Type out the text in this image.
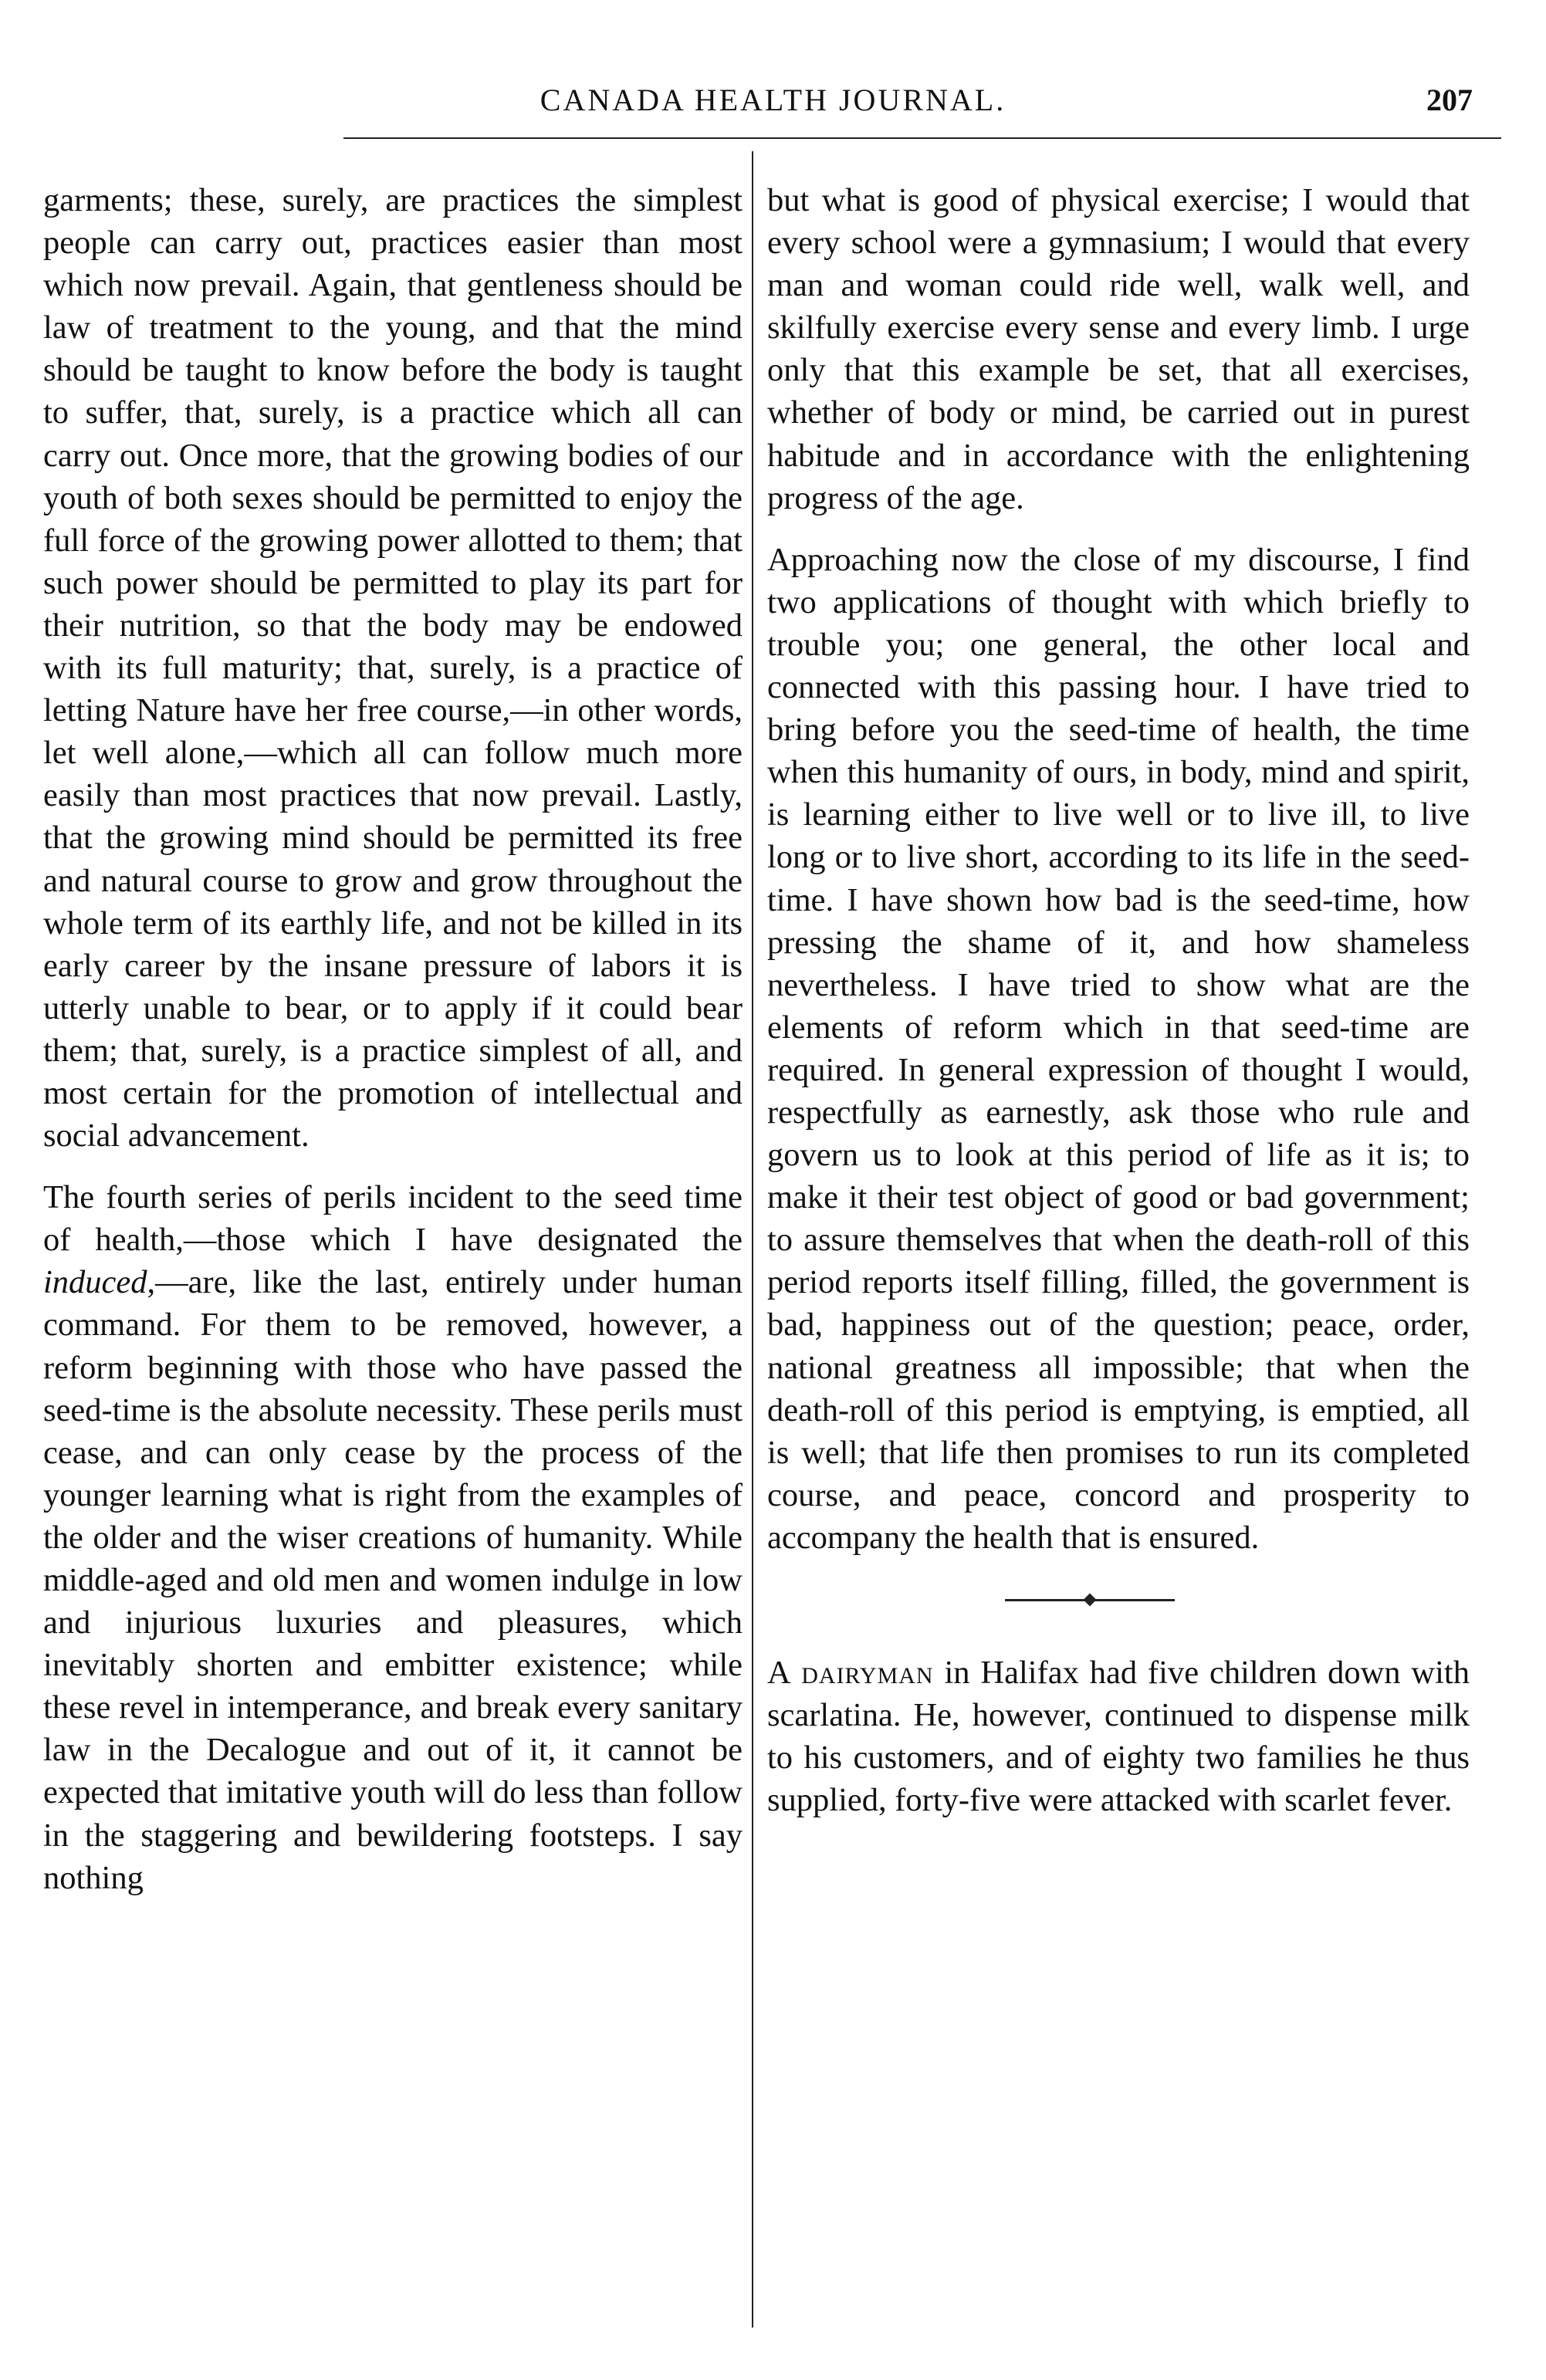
CANADA HEALTH JOURNAL.	207

garments; these, surely, are practices the simplest people can carry out, practices easier than most which now prevail. Again, that gentleness should be law of treatment to the young, and that the mind should be taught to know before the body is taught to suffer, that, surely, is a practice which all can carry out. Once more, that the growing bodies of our youth of both sexes should be permitted to enjoy the full force of the growing power allotted to them; that such power should be permitted to play its part for their nutrition, so that the body may be endowed with its full maturity; that, surely, is a practice of letting Nature have her free course,—in other words, let well alone,—which all can follow much more easily than most practices that now prevail. Lastly, that the growing mind should be permitted its free and natural course to grow and grow throughout the whole term of its earthly life, and not be killed in its early career by the insane pressure of labors it is utterly unable to bear, or to apply if it could bear them; that, surely, is a practice simplest of all, and most certain for the promotion of intellectual and social advancement.

The fourth series of perils incident to the seed time of health,—those which I have designated the induced,—are, like the last, entirely under human command. For them to be removed, however, a reform beginning with those who have passed the seed-time is the absolute necessity. These perils must cease, and can only cease by the process of the younger learning what is right from the examples of the older and the wiser creations of humanity. While middle-aged and old men and women indulge in low and injurious luxuries and pleasures, which inevitably shorten and embitter existence; while these revel in intemperance, and break every sanitary law in the Decalogue and out of it, it cannot be expected that imitative youth will do less than follow in the staggering and bewildering footsteps. I say nothing

but what is good of physical exercise; I would that every school were a gymnasium; I would that every man and woman could ride well, walk well, and skilfully exercise every sense and every limb. I urge only that this example be set, that all exercises, whether of body or mind, be carried out in purest habitude and in accordance with the enlightening progress of the age.

Approaching now the close of my discourse, I find two applications of thought with which briefly to trouble you; one general, the other local and connected with this passing hour. I have tried to bring before you the seed-time of health, the time when this humanity of ours, in body, mind and spirit, is learning either to live well or to live ill, to live long or to live short, according to its life in the seed-time. I have shown how bad is the seed-time, how pressing the shame of it, and how shameless nevertheless. I have tried to show what are the elements of reform which in that seed-time are required. In general expression of thought I would, respectfully as earnestly, ask those who rule and govern us to look at this period of life as it is; to make it their test object of good or bad government; to assure themselves that when the death-roll of this period reports itself filling, filled, the government is bad, happiness out of the question; peace, order, national greatness all impossible; that when the death-roll of this period is emptying, is emptied, all is well; that life then promises to run its completed course, and peace, concord and prosperity to accompany the health that is ensured.

A dairyman in Halifax had five children down with scarlatina. He, however, continued to dispense milk to his customers, and of eighty two families he thus supplied, forty-five were attacked with scarlet fever.
